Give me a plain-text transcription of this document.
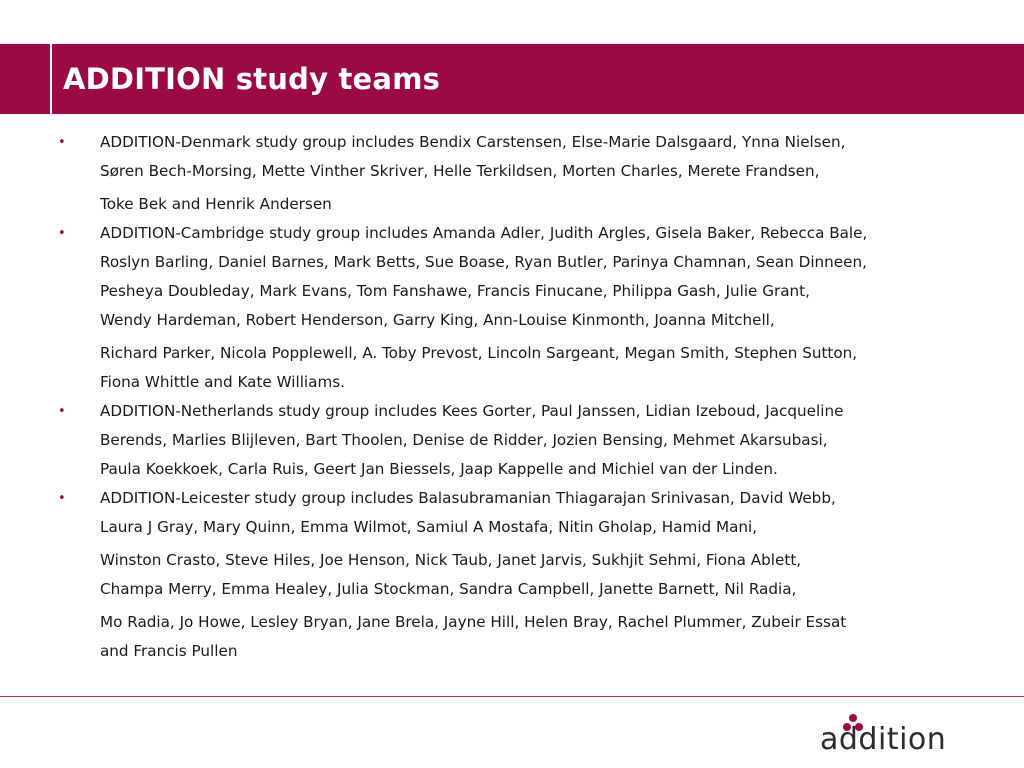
ADDITION study teams
• ADDITION-Denmark study group includes Bendix Carstensen, Else-Marie Dalsgaard, Ynna Nielsen,
Søren Bech-Morsing, Mette Vinther Skriver, Helle Terkildsen, Morten Charles, Merete Frandsen,
Toke Bek and Henrik Andersen
• ADDITION-Cambridge study group includes Amanda Adler, Judith Argles, Gisela Baker, Rebecca Bale,
Roslyn Barling, Daniel Barnes, Mark Betts, Sue Boase, Ryan Butler, Parinya Chamnan, Sean Dinneen,
Pesheya Doubleday, Mark Evans, Tom Fanshawe, Francis Finucane, Philippa Gash, Julie Grant,
Wendy Hardeman, Robert Henderson, Garry King, Ann-Louise Kinmonth, Joanna Mitchell,
Richard Parker, Nicola Popplewell, A. Toby Prevost, Lincoln Sargeant, Megan Smith, Stephen Sutton,
Fiona Whittle and Kate Williams.
• ADDITION-Netherlands study group includes Kees Gorter, Paul Janssen, Lidian Izeboud, Jacqueline
Berends, Marlies Blijleven, Bart Thoolen, Denise de Ridder, Jozien Bensing, Mehmet Akarsubasi,
Paula Koekkoek, Carla Ruis, Geert Jan Biessels, Jaap Kappelle and Michiel van der Linden.
• ADDITION-Leicester study group includes Balasubramanian Thiagarajan Srinivasan, David Webb,
Laura J Gray, Mary Quinn, Emma Wilmot, Samiul A Mostafa, Nitin Gholap, Hamid Mani,
Winston Crasto, Steve Hiles, Joe Henson, Nick Taub, Janet Jarvis, Sukhjit Sehmi, Fiona Ablett,
Champa Merry, Emma Healey, Julia Stockman, Sandra Campbell, Janette Barnett, Nil Radia,
Mo Radia, Jo Howe, Lesley Bryan, Jane Brela, Jayne Hill, Helen Bray, Rachel Plummer, Zubeir Essat
and Francis Pullen
addition
